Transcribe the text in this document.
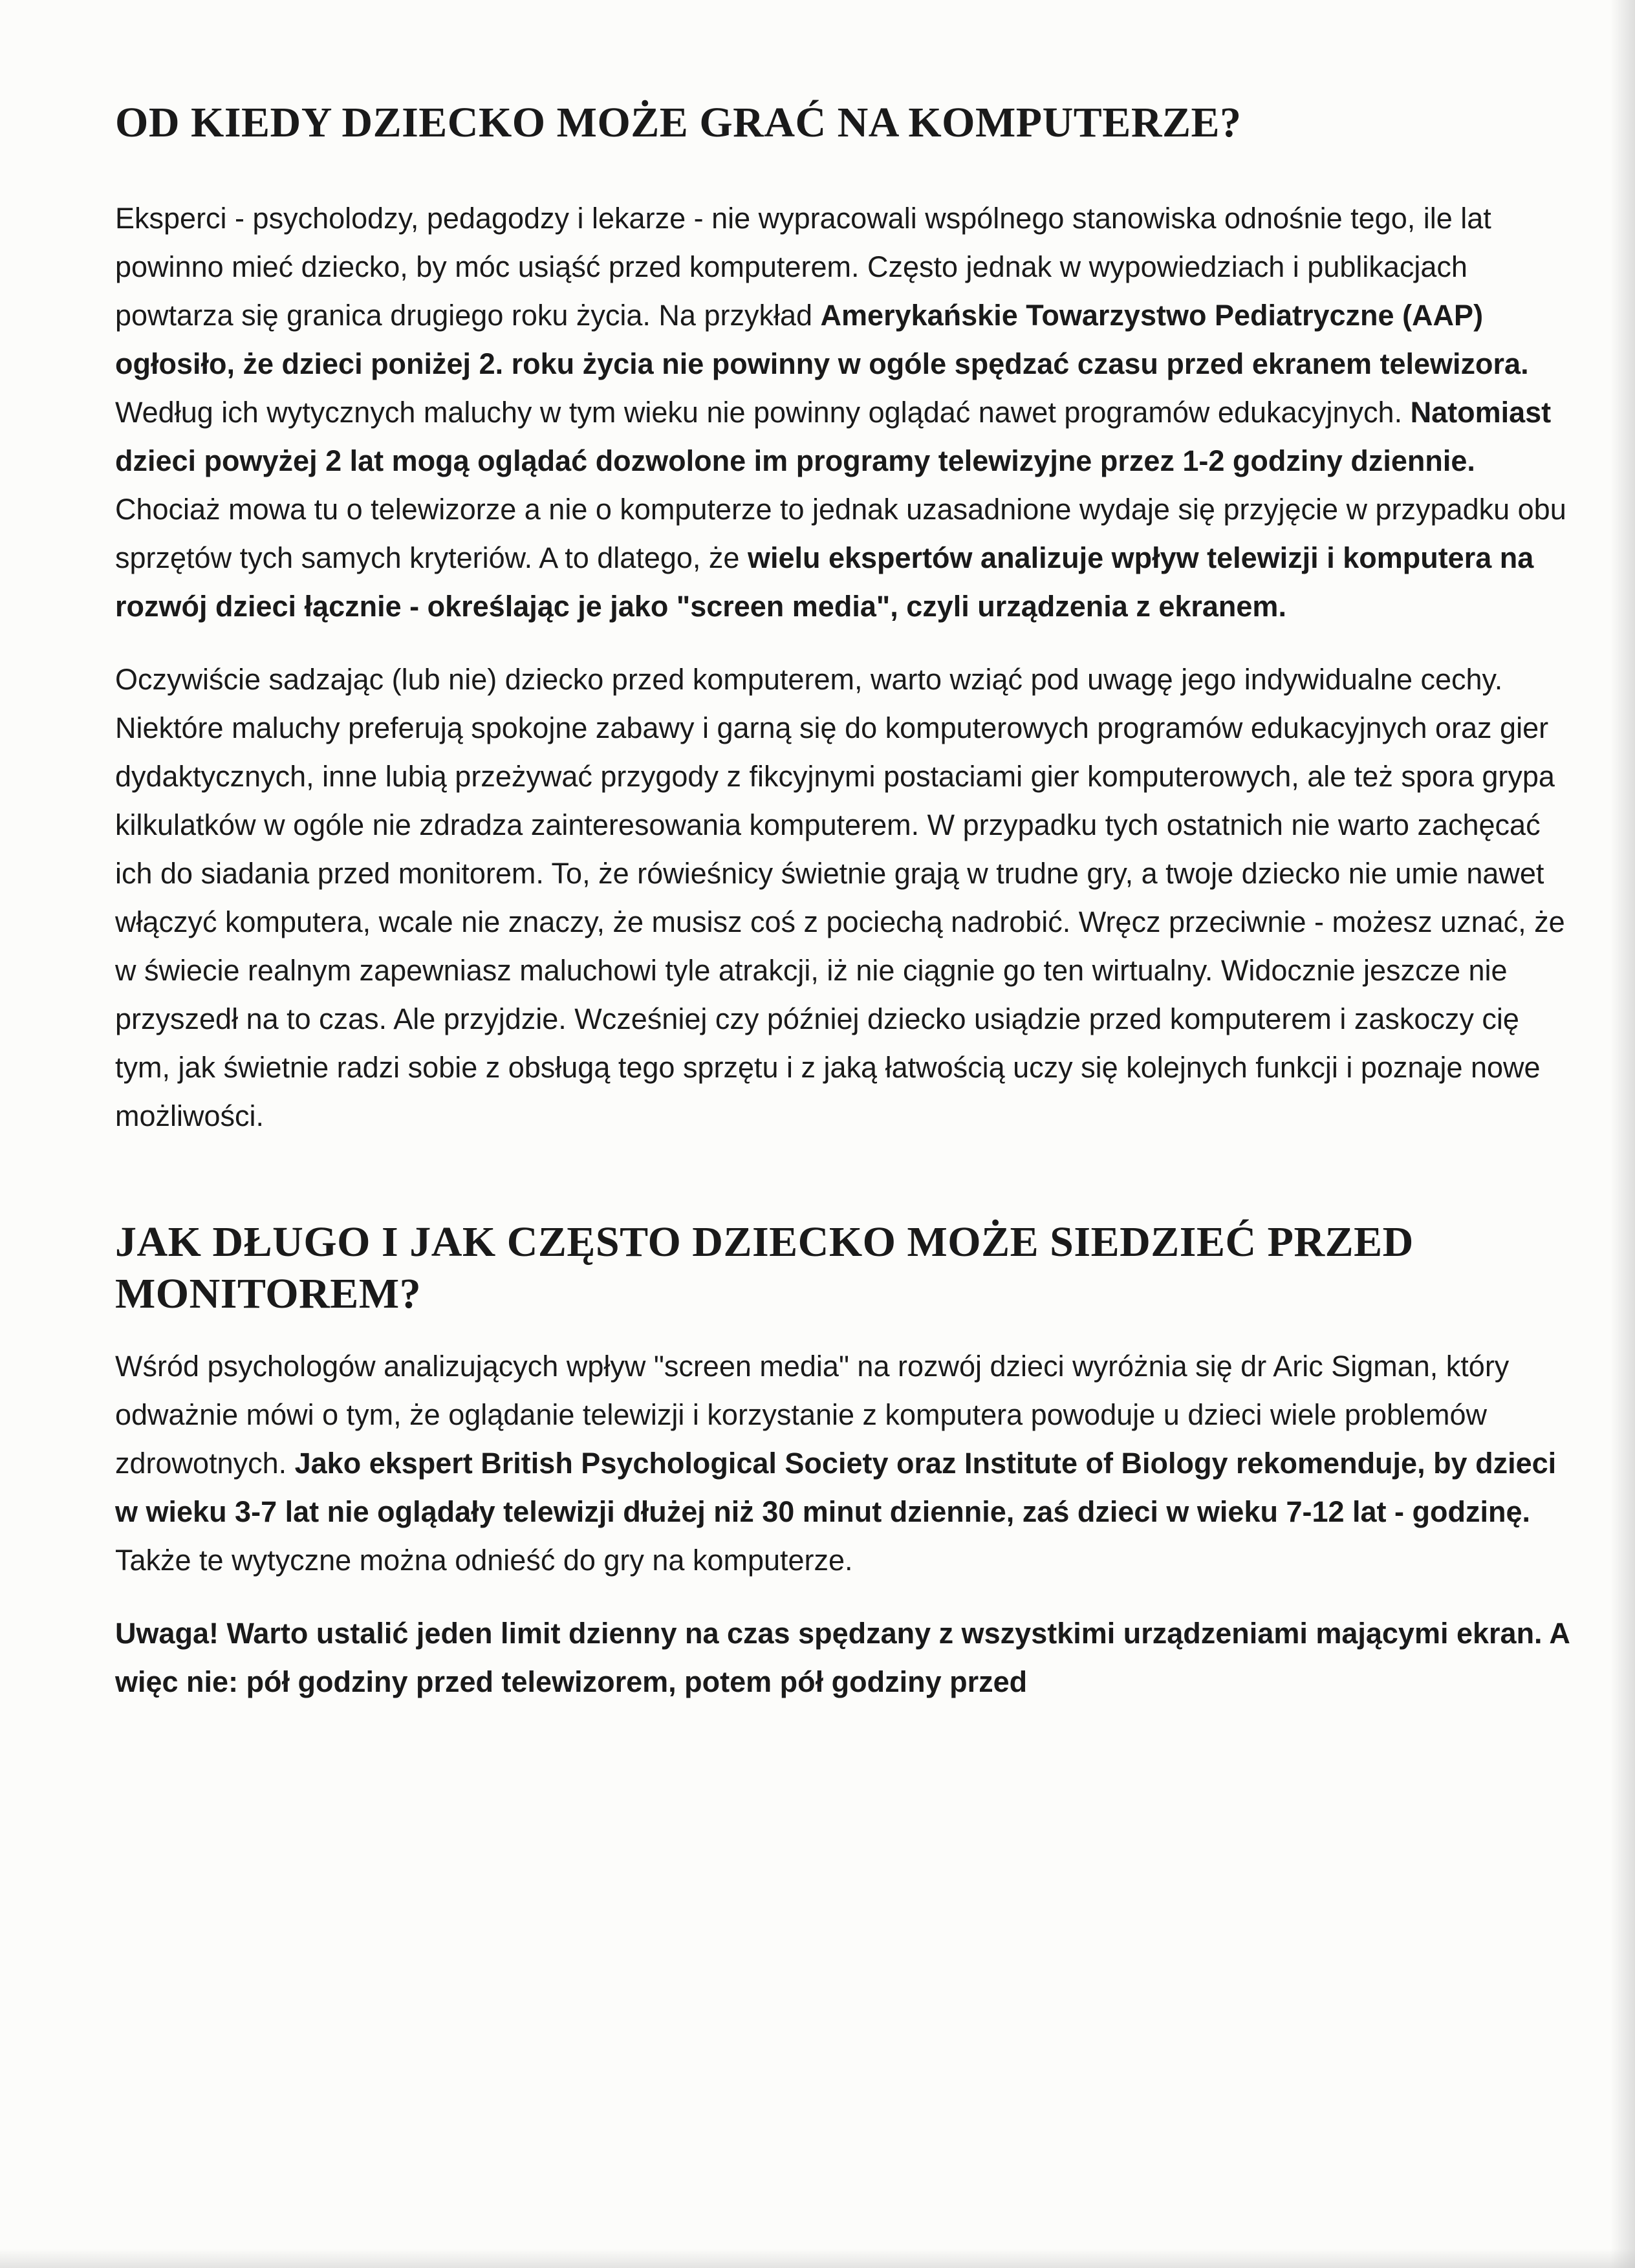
OD KIEDY DZIECKO MOŻE GRAĆ NA KOMPUTERZE?

Eksperci - psycholodzy, pedagodzy i lekarze - nie wypracowali wspólnego stanowiska odnośnie tego, ile lat powinno mieć dziecko, by móc usiąść przed komputerem. Często jednak w wypowiedziach i publikacjach powtarza się granica drugiego roku życia. Na przykład Amerykańskie Towarzystwo Pediatryczne (AAP) ogłosiło, że dzieci poniżej 2. roku życia nie powinny w ogóle spędzać czasu przed ekranem telewizora. Według ich wytycznych maluchy w tym wieku nie powinny oglądać nawet programów edukacyjnych. Natomiast dzieci powyżej 2 lat mogą oglądać dozwolone im programy telewizyjne przez 1-2 godziny dziennie. Chociaż mowa tu o telewizorze a nie o komputerze to jednak uzasadnione wydaje się przyjęcie w przypadku obu sprzętów tych samych kryteriów. A to dlatego, że wielu ekspertów analizuje wpływ telewizji i komputera na rozwój dzieci łącznie - określając je jako "screen media", czyli urządzenia z ekranem.

Oczywiście sadzając (lub nie) dziecko przed komputerem, warto wziąć pod uwagę jego indywidualne cechy. Niektóre maluchy preferują spokojne zabawy i garną się do komputerowych programów edukacyjnych oraz gier dydaktycznych, inne lubią przeżywać przygody z fikcyjnymi postaciami gier komputerowych, ale też spora grypa kilkulatków w ogóle nie zdradza zainteresowania komputerem. W przypadku tych ostatnich nie warto zachęcać ich do siadania przed monitorem. To, że rówieśnicy świetnie grają w trudne gry, a twoje dziecko nie umie nawet włączyć komputera, wcale nie znaczy, że musisz coś z pociechą nadrobić. Wręcz przeciwnie - możesz uznać, że w świecie realnym zapewniasz maluchowi tyle atrakcji, iż nie ciągnie go ten wirtualny. Widocznie jeszcze nie przyszedł na to czas. Ale przyjdzie. Wcześniej czy później dziecko usiądzie przed komputerem i zaskoczy cię tym, jak świetnie radzi sobie z obsługą tego sprzętu i z jaką łatwością uczy się kolejnych funkcji i poznaje nowe możliwości.

JAK DŁUGO I JAK CZĘSTO DZIECKO MOŻE SIEDZIEĆ PRZED MONITOREM?

Wśród psychologów analizujących wpływ "screen media" na rozwój dzieci wyróżnia się dr Aric Sigman, który odważnie mówi o tym, że oglądanie telewizji i korzystanie z komputera powoduje u dzieci wiele problemów zdrowotnych. Jako ekspert British Psychological Society oraz Institute of Biology rekomenduje, by dzieci w wieku 3-7 lat nie oglądały telewizji dłużej niż 30 minut dziennie, zaś dzieci w wieku 7-12 lat - godzinę. Także te wytyczne można odnieść do gry na komputerze.

Uwaga! Warto ustalić jeden limit dzienny na czas spędzany z wszystkimi urządzeniami mającymi ekran. A więc nie: pół godziny przed telewizorem, potem pół godziny przed
